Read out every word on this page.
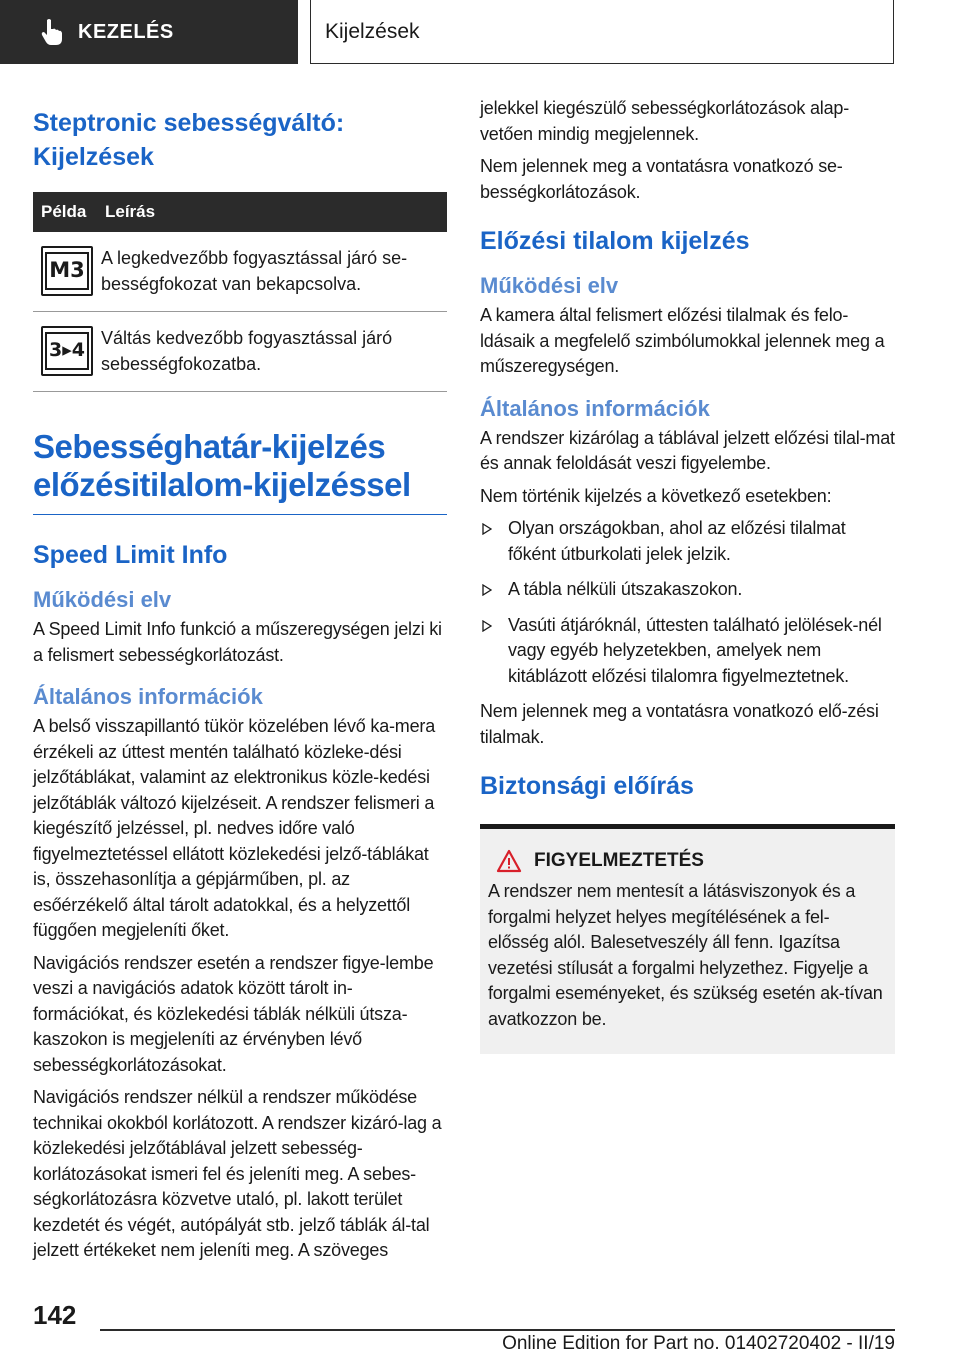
KEZELÉS	Kijelzések
Steptronic sebességváltó: Kijelzések
Példa	Leírás

M3	A legkedvezőbb fogyasztással járó se-bességfokozat van bekapcsolva.

3▸4	Váltás kedvezőbb fogyasztással járó sebességfokozatba.
Sebességhatár-kijelzés előzésitilalom-kijelzéssel
Speed Limit Info
Működési elv

A Speed Limit Info funkció a műszeregységen jelzi ki a felismert sebességkorlátozást.

Általános információk

A belső visszapillantó tükör közelében lévő ka-mera érzékeli az úttest mentén található közleke-dési jelzőtáblákat, valamint az elektronikus közle-kedési jelzőtáblák változó kijelzéseit. A rendszer felismeri a kiegészítő jelzéssel, pl. nedves időre való figyelmeztetéssel ellátott közlekedési jelző-táblákat is, összehasonlítja a gépjárműben, pl. az esőérzékelő által tárolt adatokkal, és a helyzettől függően megjeleníti őket.

Navigációs rendszer esetén a rendszer figye-lembe veszi a navigációs adatok között tárolt in-formációkat, és közlekedési táblák nélküli útsza-kaszokon is megjeleníti az érvényben lévő sebességkorlátozásokat.

Navigációs rendszer nélkül a rendszer működése technikai okokból korlátozott. A rendszer kizáró-lag a közlekedési jelzőtáblával jelzett sebesség-korlátozásokat ismeri fel és jeleníti meg. A sebes-ségkorlátozásra közvetve utaló, pl. lakott terület kezdetét és végét, autópályát stb. jelző táblák ál-tal jelzett értékeket nem jeleníti meg. A szöveges

jelekkel kiegészülő sebességkorlátozások alap-vetően mindig megjelennek.

Nem jelennek meg a vontatásra vonatkozó se-bességkorlátozások.

Előzési tilalom kijelzés
Működési elv

A kamera által felismert előzési tilalmak és felo-ldásaik a megfelelő szimbólumokkal jelennek meg a műszeregységen.

Általános információk

A rendszer kizárólag a táblával jelzett előzési tilal-mat és annak feloldását veszi figyelembe.

Nem történik kijelzés a következő esetekben:

Olyan országokban, ahol az előzési tilalmat főként útburkolati jelek jelzik.
A tábla nélküli útszakaszokon.
Vasúti átjáróknál, úttesten található jelölések-nél vagy egyéb helyzetekben, amelyek nem kitáblázott előzési tilalomra figyelmeztetnek.

Nem jelennek meg a vontatásra vonatkozó elő-zési tilalmak.

Biztonsági előírás
FIGYELMEZTETÉS

A rendszer nem mentesít a látásviszonyok és a forgalmi helyzet helyes megítélésének a fel-elősség alól. Balesetveszély áll fenn. Igazítsa vezetési stílusát a forgalmi helyzethez. Figyelje a forgalmi eseményeket, és szükség esetén ak-tívan avatkozzon be.

142
Online Edition for Part no. 01402720402 - II/19
